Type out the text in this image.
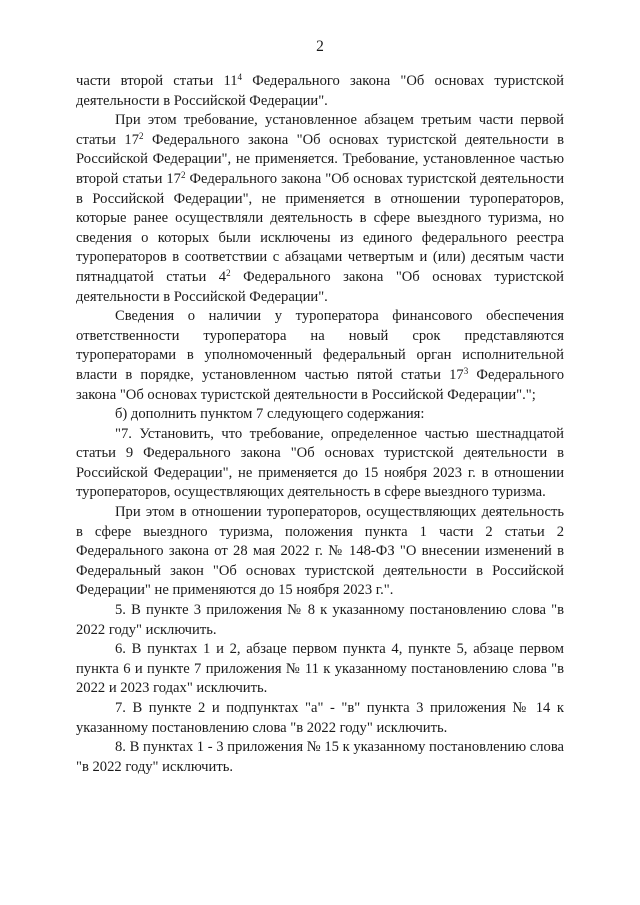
2

части второй статьи $11^4$ Федерального закона "Об основах туристской деятельности в Российской Федерации".

При этом требование, установленное абзацем третьим части первой статьи $17^2$ Федерального закона "Об основах туристской деятельности в Российской Федерации", не применяется. Требование, установленное частью второй статьи $17^2$ Федерального закона "Об основах туристской деятельности в Российской Федерации", не применяется в отношении туроператоров, которые ранее осуществляли деятельность в сфере выездного туризма, но сведения о которых были исключены из единого федерального реестра туроператоров в соответствии с абзацами четвертым и (или) десятым части пятнадцатой статьи $4^2$ Федерального закона "Об основах туристской деятельности в Российской Федерации".

Сведения о наличии у туроператора финансового обеспечения ответственности туроператора на новый срок представляются туроператорами в уполномоченный федеральный орган исполнительной власти в порядке, установленном частью пятой статьи $17^3$ Федерального закона "Об основах туристской деятельности в Российской Федерации".";

б) дополнить пунктом 7 следующего содержания:

"7. Установить, что требование, определенное частью шестнадцатой статьи 9 Федерального закона "Об основах туристской деятельности в Российской Федерации", не применяется до 15 ноября 2023 г. в отношении туроператоров, осуществляющих деятельность в сфере выездного туризма.

При этом в отношении туроператоров, осуществляющих деятельность в сфере выездного туризма, положения пункта 1 части 2 статьи 2 Федерального закона от 28 мая 2022 г. № 148-ФЗ "О внесении изменений в Федеральный закон "Об основах туристской деятельности в Российской Федерации" не применяются до 15 ноября 2023 г.".

5. В пункте 3 приложения № 8 к указанному постановлению слова "в 2022 году" исключить.

6. В пунктах 1 и 2, абзаце первом пункта 4, пункте 5, абзаце первом пункта 6 и пункте 7 приложения № 11 к указанному постановлению слова "в 2022 и 2023 годах" исключить.

7. В пункте 2 и подпунктах "а" - "в" пункта 3 приложения № 14 к указанному постановлению слова "в 2022 году" исключить.

8. В пунктах 1 - 3 приложения № 15 к указанному постановлению слова "в 2022 году" исключить.
